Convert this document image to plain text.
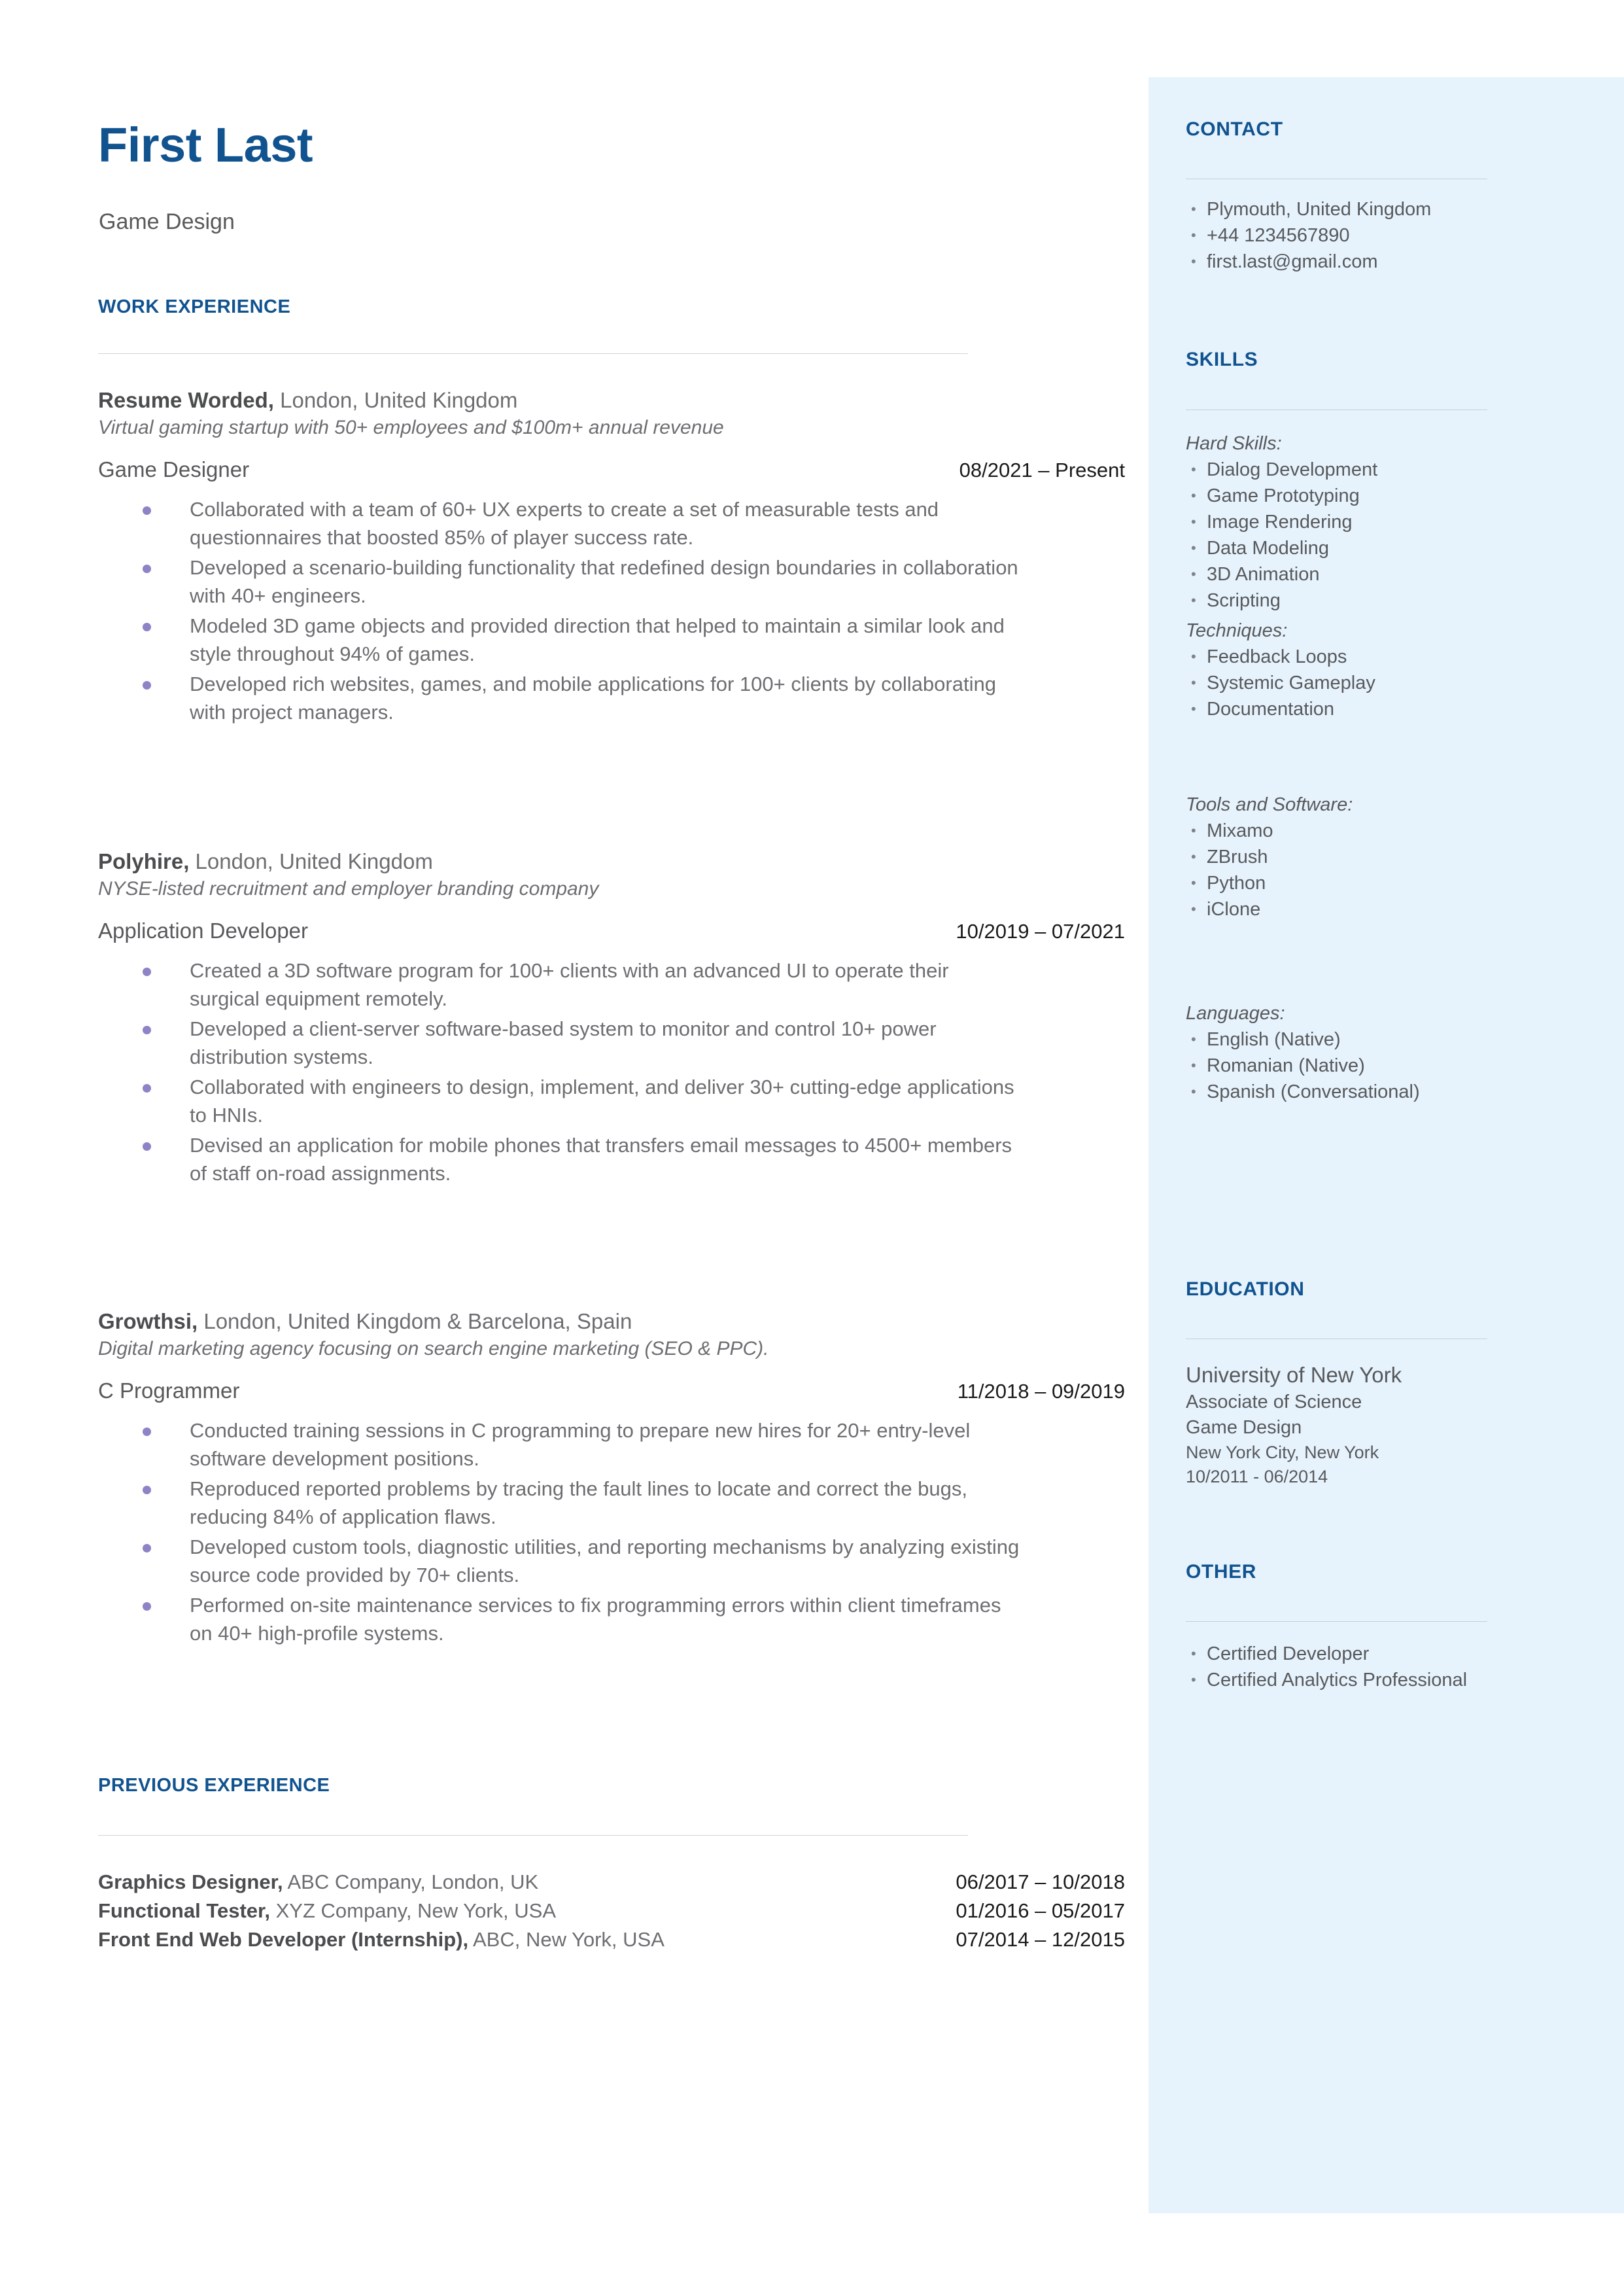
CONTACT
• Plymouth, United Kingdom
• +44 1234567890
• first.last@gmail.com
SKILLS
Hard Skills:
• Dialog Development
• Game Prototyping
• Image Rendering
• Data Modeling
• 3D Animation
• Scripting
Techniques:
• Feedback Loops
• Systemic Gameplay
• Documentation
Tools and Software:
• Mixamo
• ZBrush
• Python
• iClone
Languages:
• English (Native)
• Romanian (Native)
• Spanish (Conversational)
EDUCATION
University of New York
Associate of Science
Game Design
New York City, New York
10/2011 - 06/2014
OTHER
• Certified Developer
• Certified Analytics Professional
First Last
Game Design
WORK EXPERIENCE
Resume Worded, London, United Kingdom
Virtual gaming startup with 50+ employees and $100m+ annual revenue
Game Designer	08/2021 – Present
Collaborated with a team of 60+ UX experts to create a set of measurable tests and questionnaires that boosted 85% of player success rate.
Developed a scenario-building functionality that redefined design boundaries in collaboration with 40+ engineers.
Modeled 3D game objects and provided direction that helped to maintain a similar look and style throughout 94% of games.
Developed rich websites, games, and mobile applications for 100+ clients by collaborating with project managers.
Polyhire, London, United Kingdom
NYSE-listed recruitment and employer branding company
Application Developer	10/2019 – 07/2021
Created a 3D software program for 100+ clients with an advanced UI to operate their surgical equipment remotely.
Developed a client-server software-based system to monitor and control 10+ power distribution systems.
Collaborated with engineers to design, implement, and deliver 30+ cutting-edge applications to HNIs.
Devised an application for mobile phones that transfers email messages to 4500+ members of staff on-road assignments.
Growthsi, London, United Kingdom & Barcelona, Spain
Digital marketing agency focusing on search engine marketing (SEO & PPC).
C Programmer	11/2018 – 09/2019
Conducted training sessions in C programming to prepare new hires for 20+ entry-level software development positions.
Reproduced reported problems by tracing the fault lines to locate and correct the bugs, reducing 84% of application flaws.
Developed custom tools, diagnostic utilities, and reporting mechanisms by analyzing existing source code provided by 70+ clients.
Performed on-site maintenance services to fix programming errors within client timeframes on 40+ high-profile systems.
PREVIOUS EXPERIENCE
Graphics Designer, ABC Company, London, UK	06/2017 – 10/2018
Functional Tester, XYZ Company, New York, USA	01/2016 – 05/2017
Front End Web Developer (Internship), ABC, New York, USA	07/2014 – 12/2015
